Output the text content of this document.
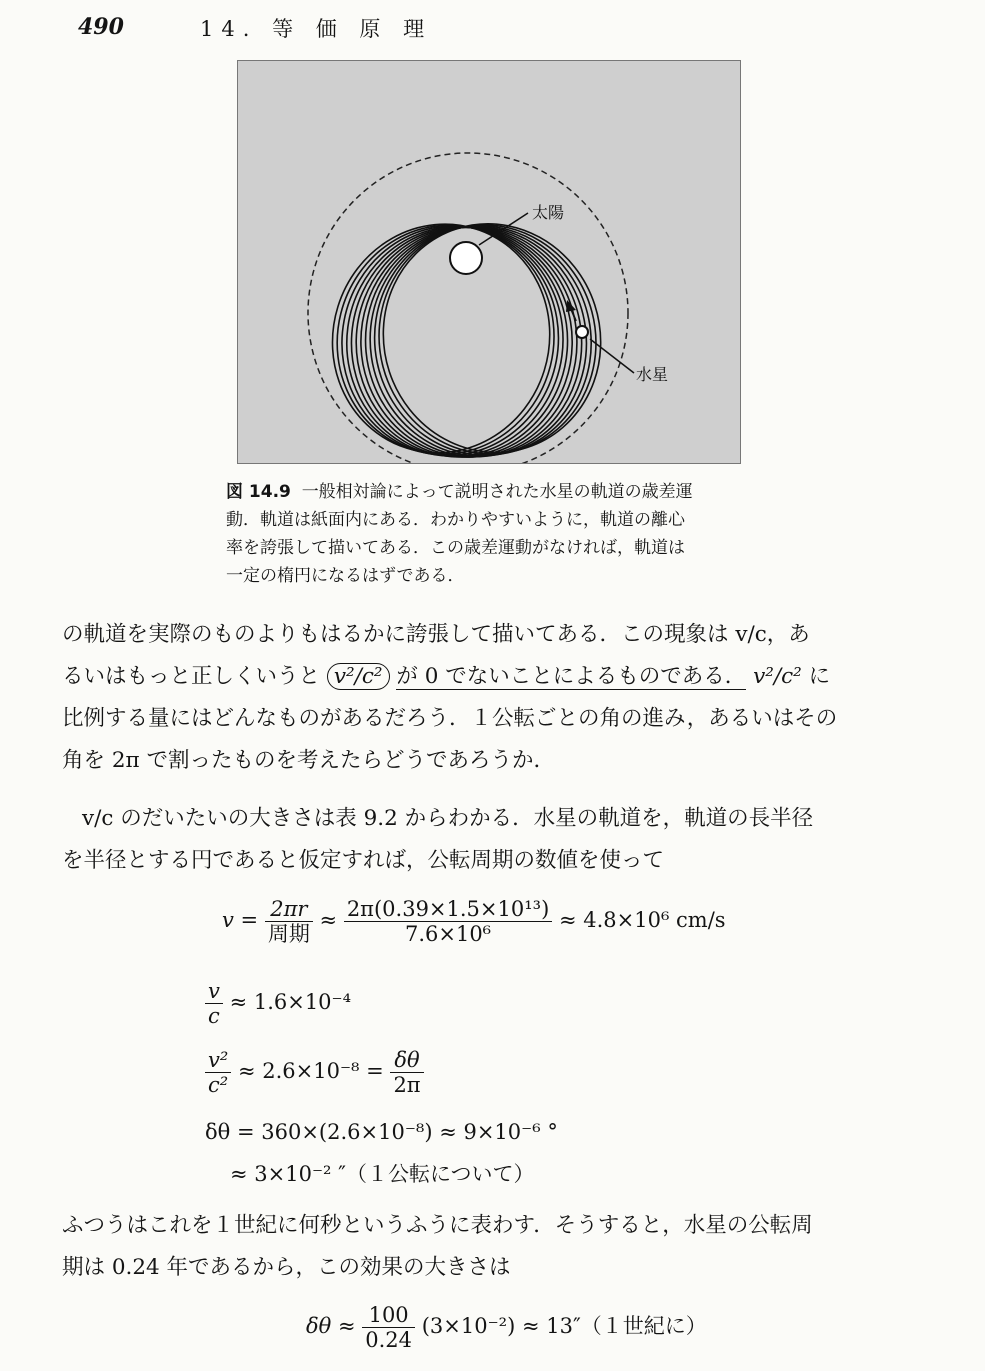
490	14. 等 価 原 理
太陽
水星
図 14.9 一般相対論によって説明された水星の軌道の歳差運
動．軌道は紙面内にある．わかりやすいように，軌道の離心
率を誇張して描いてある．この歳差運動がなければ，軌道は
一定の楕円になるはずである．
の軌道を実際のものよりもはるかに誇張して描いてある．この現象は v/c，あ
るいはもっと正しくいうと v²/c² が 0 でないことによるものである． v²/c² に
比例する量にはどんなものがあるだろう．１公転ごとの角の進み，あるいはその
角を 2π で割ったものを考えたらどうであろうか．
v/c のだいたいの大きさは表 9.2 からわかる．水星の軌道を，軌道の長半径
を半径とする円であると仮定すれば，公転周期の数値を使って
$v = \frac{2\pi r}{\text{周期}} \approx \frac{\text{2π(0.39×1.5×10¹³)}}{\text{7.6×10⁶}} \approx 4.8\times 10^6$ cm/s
$\frac{v}{c} \approx 1.6\times 10^{-4}$
$\frac{\text{v²}}{\text{c²}} \approx 2.6\times 10^{-8} = \frac{\delta\theta}{2\pi}$
δθ = 360×(2.6×10⁻⁸) ≈ 9×10⁻⁶ °
≈ 3×10⁻² ″（１公転について）
ふつうはこれを１世紀に何秒というふうに表わす．そうすると，水星の公転周
期は 0.24 年であるから，この効果の大きさは
$\delta\theta \approx \frac{100}{0.24} (3\times 10^{-2}) \approx 13''(1$世紀に）
